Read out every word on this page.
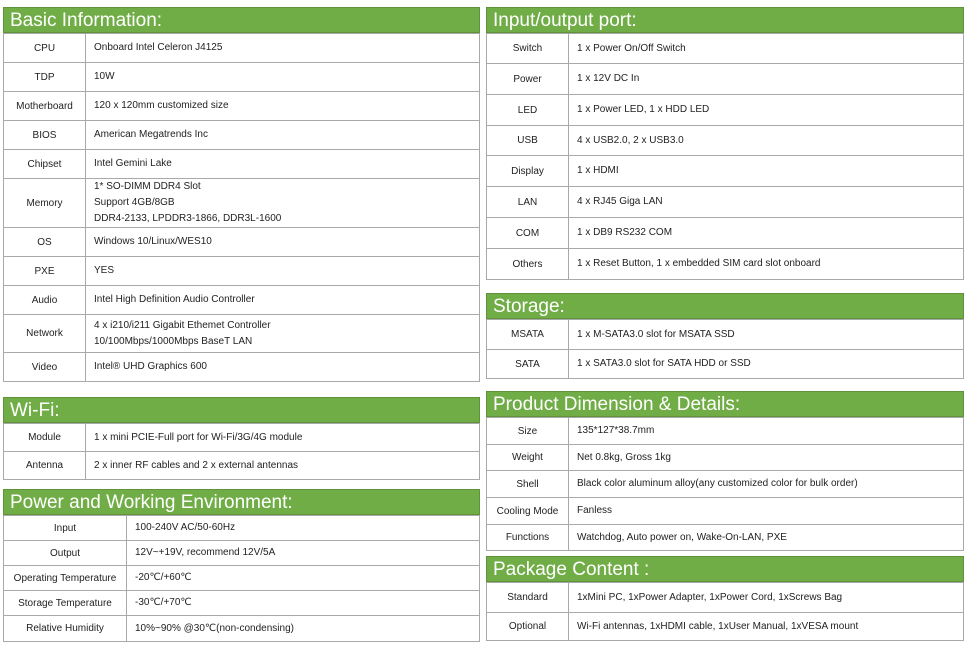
Basic Information:
CPU	Onboard Intel Celeron J4125

TDP	10W

Motherboard	120 x 120mm customized size

BIOS	American Megatrends Inc

Chipset	Intel Gemini Lake

Memory	1* SO-DIMM DDR4 Slot
Support 4GB/8GB
DDR4-2133, LPDDR3-1866, DDR3L-1600

OS	Windows 10/Linux/WES10

PXE	YES

Audio	Intel High Definition Audio Controller

Network	4 x i210/i211 Gigabit Ethemet Controller
10/100Mbps/1000Mbps BaseT LAN

Video	Intel® UHD Graphics 600
Wi-Fi:
Module	1 x mini PCIE-Full port for Wi-Fi/3G/4G module

Antenna	2 x inner RF cables and 2 x external antennas
Power and Working Environment:
Input	100-240V AC/50-60Hz

Output	12V~+19V, recommend 12V/5A

Operating Temperature	-20℃/+60℃

Storage Temperature	-30℃/+70℃

Relative Humidity	10%~90% @30℃(non-condensing)
Input/output port:
Switch	1 x Power On/Off Switch

Power	1 x 12V DC In

LED	1 x Power LED, 1 x HDD LED

USB	4 x USB2.0, 2 x USB3.0

Display	1 x HDMI

LAN	4 x RJ45 Giga LAN

COM	1 x DB9 RS232 COM

Others	1 x Reset Button, 1 x embedded SIM card slot onboard
Storage:
MSATA	1 x M-SATA3.0 slot for MSATA SSD

SATA	1 x SATA3.0 slot for SATA HDD or SSD
Product Dimension & Details:
Size	135*127*38.7mm

Weight	Net 0.8kg, Gross 1kg

Shell	Black color aluminum alloy(any customized color for bulk order)

Cooling Mode	Fanless

Functions	Watchdog, Auto power on, Wake-On-LAN, PXE
Package Content :
Standard	1xMini PC, 1xPower Adapter, 1xPower Cord, 1xScrews Bag

Optional	Wi-Fi antennas, 1xHDMI cable, 1xUser Manual, 1xVESA mount
